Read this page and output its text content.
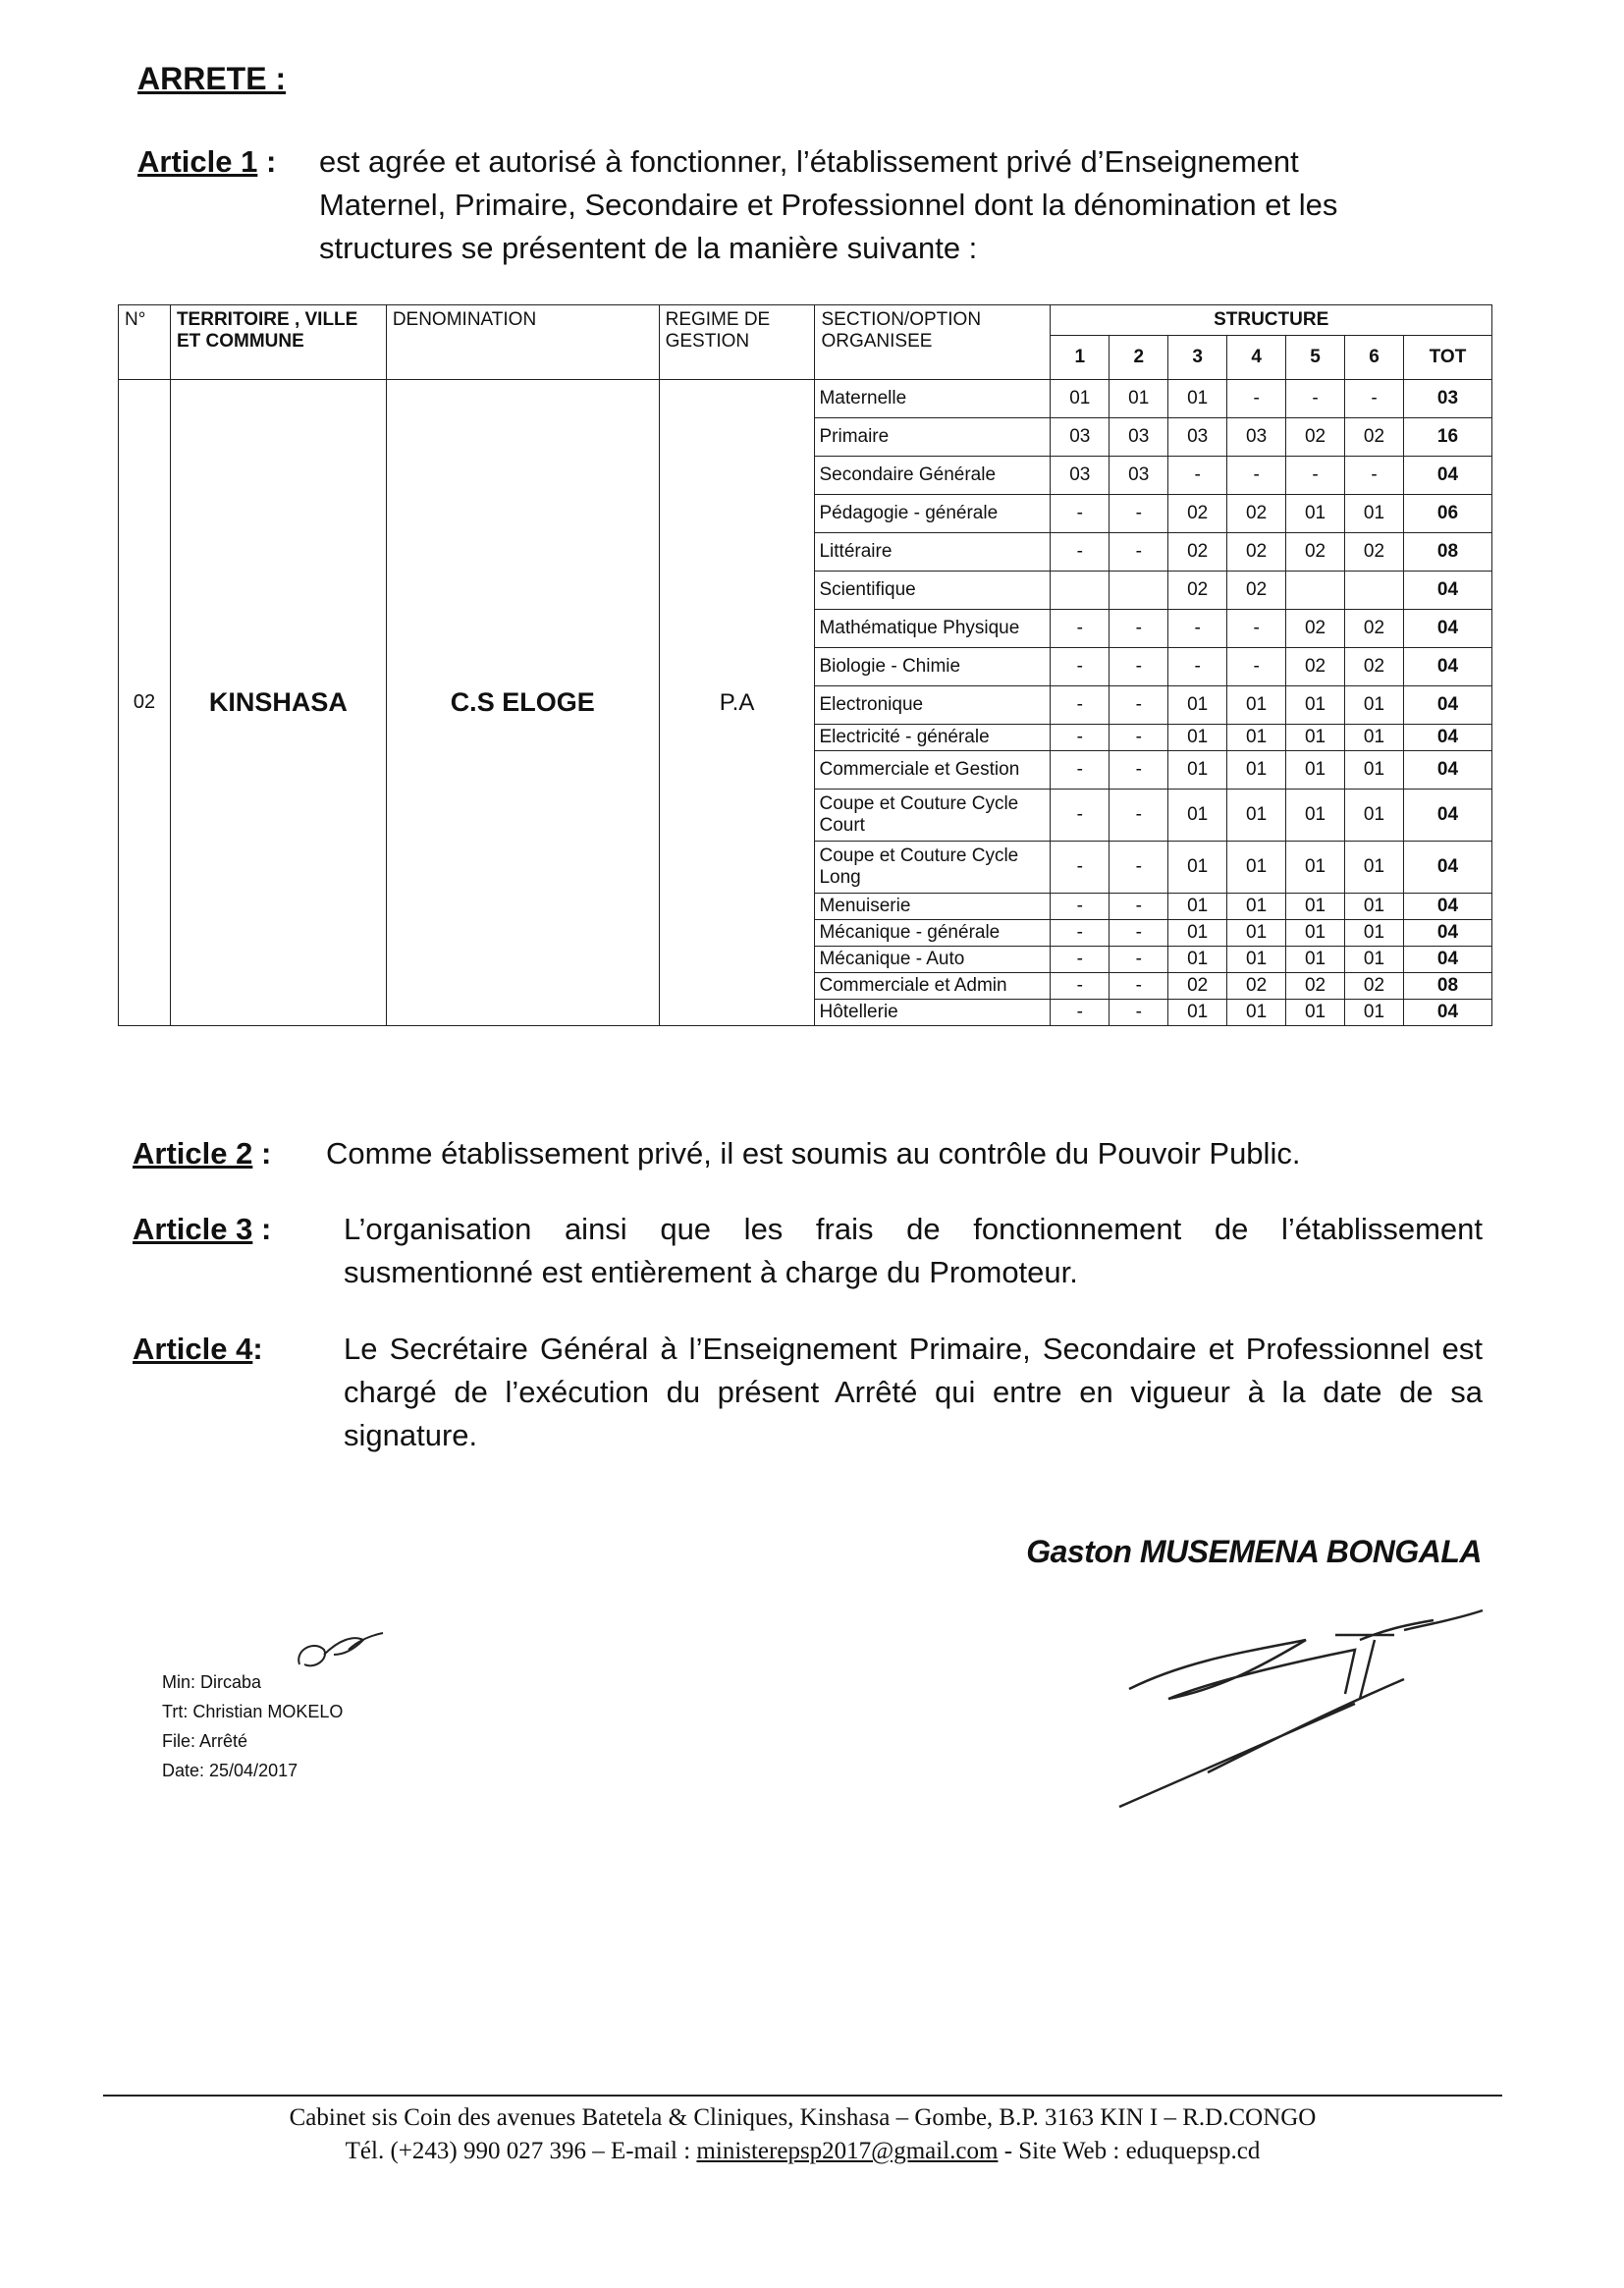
ARRETE :
Article 1 : est agrée et autorisé à fonctionner, l’établissement privé d’Enseignement Maternel, Primaire, Secondaire et Professionnel dont la dénomination et les structures se présentent de la manière suivante :
N°	TERRITOIRE , VILLE ET COMMUNE	DENOMINATION	REGIME DE GESTION	SECTION/OPTION ORGANISEE	STRUCTURE						
					1	2	3	4	5	6	TOT
02	KINSHASA	C.S ELOGE	P.A	Maternelle	01	01	01	-	-	-	03
				Primaire	03	03	03	03	02	02	16
				Secondaire Générale	03	03	-	-	-	-	04
				Pédagogie - générale	-	-	02	02	01	01	06
				Littéraire	-	-	02	02	02	02	08
				Scientifique			02	02			04
				Mathématique Physique	-	-	-	-	02	02	04
				Biologie - Chimie	-	-	-	-	02	02	04
				Electronique	-	-	01	01	01	01	04
				Electricité - générale	-	-	01	01	01	01	04
				Commerciale et Gestion	-	-	01	01	01	01	04
				Coupe et Couture Cycle Court	-	-	01	01	01	01	04
				Coupe et Couture Cycle Long	-	-	01	01	01	01	04
				Menuiserie	-	-	01	01	01	01	04
				Mécanique - générale	-	-	01	01	01	01	04
				Mécanique - Auto	-	-	01	01	01	01	04
				Commerciale et Admin	-	-	02	02	02	02	08
				Hôtellerie	-	-	01	01	01	01	04
Article 2 : Comme établissement privé, il est soumis au contrôle du Pouvoir Public.
Article 3 : L’organisation ainsi que les frais de fonctionnement de l’établissement susmentionné est entièrement à charge du Promoteur.
Article 4:	Le Secrétaire Général à l’Enseignement Primaire, Secondaire et Professionnel est chargé de l’exécution du présent Arrêté qui entre en vigueur à la date de sa signature.
Gaston MUSEMENA BONGALA
Min: Dircaba
Trt: Christian MOKELO
File: Arrêté
Date: 25/04/2017
Cabinet sis Coin des avenues Batetela & Cliniques, Kinshasa – Gombe, B.P. 3163 KIN I – R.D.CONGO
Tél. (+243) 990 027 396 – E-mail : ministerepsp2017@gmail.com - Site Web : eduquepsp.cd
